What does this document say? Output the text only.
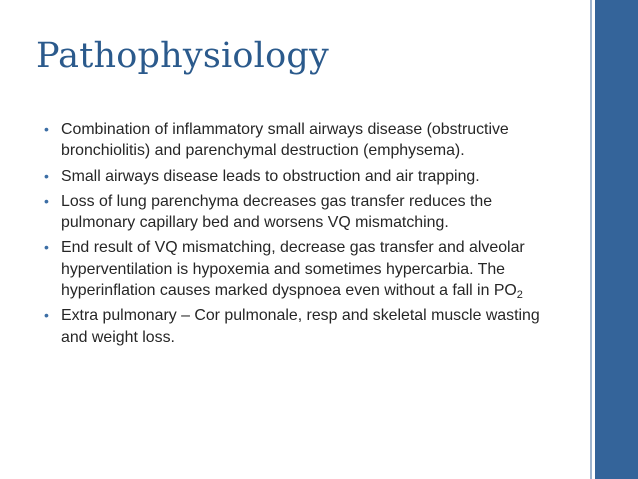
Pathophysiology
• Combination of inflammatory small airways disease (obstructive bronchiolitis) and parenchymal destruction (emphysema).
• Small airways disease leads to obstruction and air trapping.
• Loss of lung parenchyma decreases gas transfer reduces the pulmonary capillary bed and worsens VQ mismatching.
• End result of VQ mismatching, decrease gas transfer and alveolar hyperventilation is hypoxemia and sometimes hypercarbia. The hyperinflation causes marked dyspnoea even without a fall in $PO_2$
• Extra pulmonary – Cor pulmonale, resp and skeletal muscle wasting and weight loss.
